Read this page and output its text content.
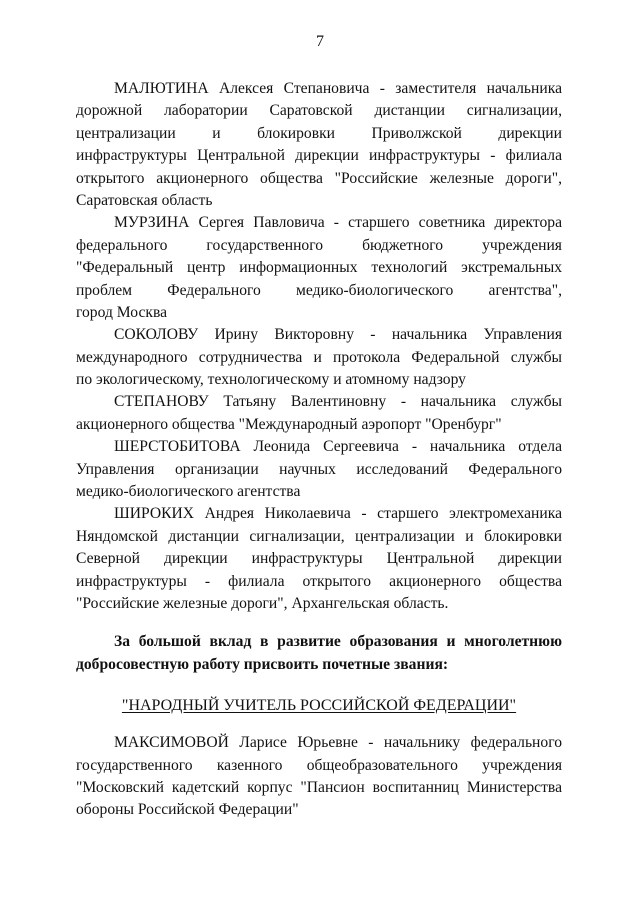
7
МАЛЮТИНА Алексея Степановича - заместителя начальника
дорожной лаборатории Саратовской дистанции сигнализации,
централизации и блокировки Приволжской дирекции
инфраструктуры Центральной дирекции инфраструктуры - филиала
открытого акционерного общества "Российские железные дороги",
Саратовская область
МУРЗИНА Сергея Павловича - старшего советника директора
федерального государственного бюджетного учреждения
"Федеральный центр информационных технологий экстремальных
проблем Федерального медико-биологического агентства",
город Москва
СОКОЛОВУ Ирину Викторовну - начальника Управления
международного сотрудничества и протокола Федеральной службы
по экологическому, технологическому и атомному надзору
СТЕПАНОВУ Татьяну Валентиновну - начальника службы
акционерного общества "Международный аэропорт "Оренбург"
ШЕРСТОБИТОВА Леонида Сергеевича - начальника отдела
Управления организации научных исследований Федерального
медико-биологического агентства
ШИРОКИХ Андрея Николаевича - старшего электромеханика
Няндомской дистанции сигнализации, централизации и блокировки
Северной дирекции инфраструктуры Центральной дирекции
инфраструктуры - филиала открытого акционерного общества
"Российские железные дороги", Архангельская область.
За большой вклад в развитие образования и многолетнюю
добросовестную работу присвоить почетные звания:
"НАРОДНЫЙ УЧИТЕЛЬ РОССИЙСКОЙ ФЕДЕРАЦИИ"
МАКСИМОВОЙ Ларисе Юрьевне - начальнику федерального
государственного казенного общеобразовательного учреждения
"Московский кадетский корпус "Пансион воспитанниц Министерства
обороны Российской Федерации"
